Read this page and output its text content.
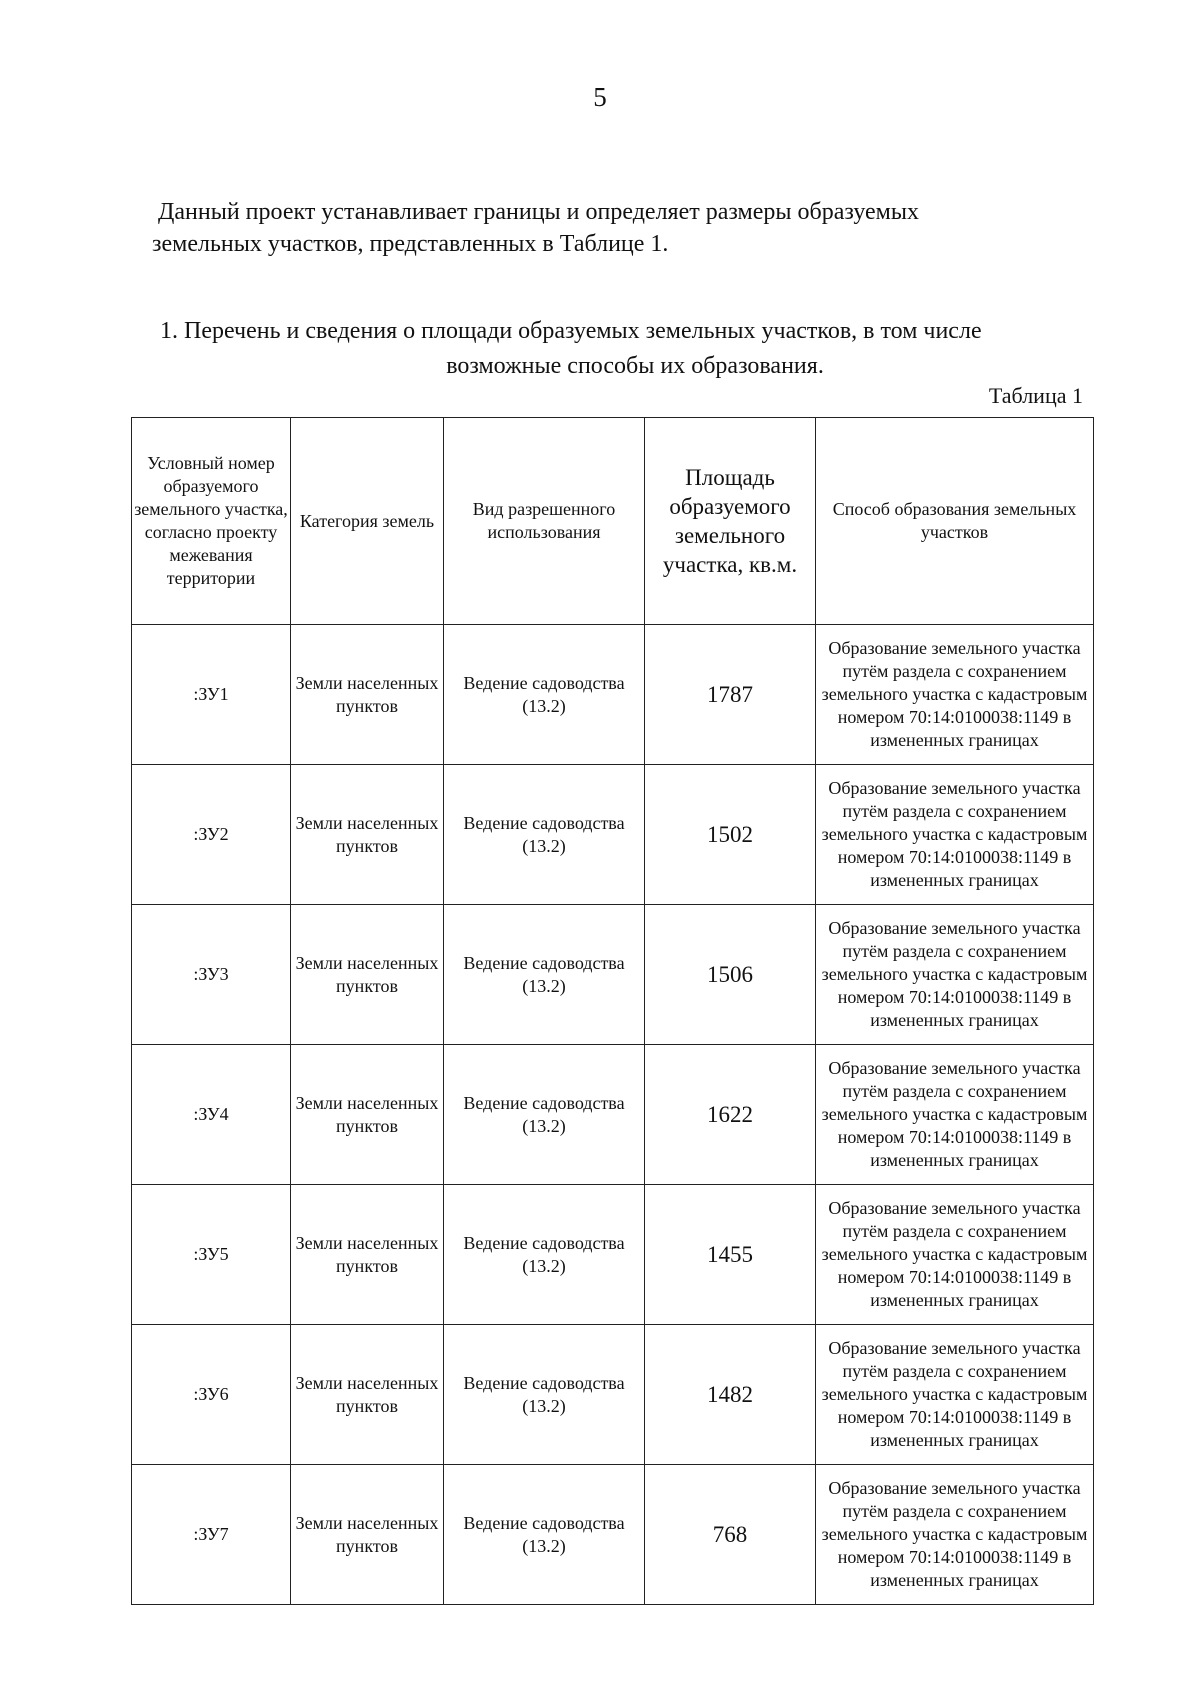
5
Данный проект устанавливает границы и определяет размеры образуемых
земельных участков, представленных в Таблице 1.
1. Перечень и сведения о площади образуемых земельных участков, в том числе
возможные способы их образования.
Таблица 1
Условный номер образуемого земельного участка, согласно проекту межевания территории	Категория земель	Вид разрешенного использования	Площадь образуемого земельного участка, кв.м.	Способ образования земельных участков
:ЗУ1	Земли населенных пунктов	Ведение садоводства (13.2)	1787	Образование земельного участка путём раздела с сохранением земельного участка с кадастровым номером 70:14:0100038:1149 в измененных границах
:ЗУ2	Земли населенных пунктов	Ведение садоводства (13.2)	1502	Образование земельного участка путём раздела с сохранением земельного участка с кадастровым номером 70:14:0100038:1149 в измененных границах
:ЗУ3	Земли населенных пунктов	Ведение садоводства (13.2)	1506	Образование земельного участка путём раздела с сохранением земельного участка с кадастровым номером 70:14:0100038:1149 в измененных границах
:ЗУ4	Земли населенных пунктов	Ведение садоводства (13.2)	1622	Образование земельного участка путём раздела с сохранением земельного участка с кадастровым номером 70:14:0100038:1149 в измененных границах
:ЗУ5	Земли населенных пунктов	Ведение садоводства (13.2)	1455	Образование земельного участка путём раздела с сохранением земельного участка с кадастровым номером 70:14:0100038:1149 в измененных границах
:ЗУ6	Земли населенных пунктов	Ведение садоводства (13.2)	1482	Образование земельного участка путём раздела с сохранением земельного участка с кадастровым номером 70:14:0100038:1149 в измененных границах
:ЗУ7	Земли населенных пунктов	Ведение садоводства (13.2)	768	Образование земельного участка путём раздела с сохранением земельного участка с кадастровым номером 70:14:0100038:1149 в измененных границах
